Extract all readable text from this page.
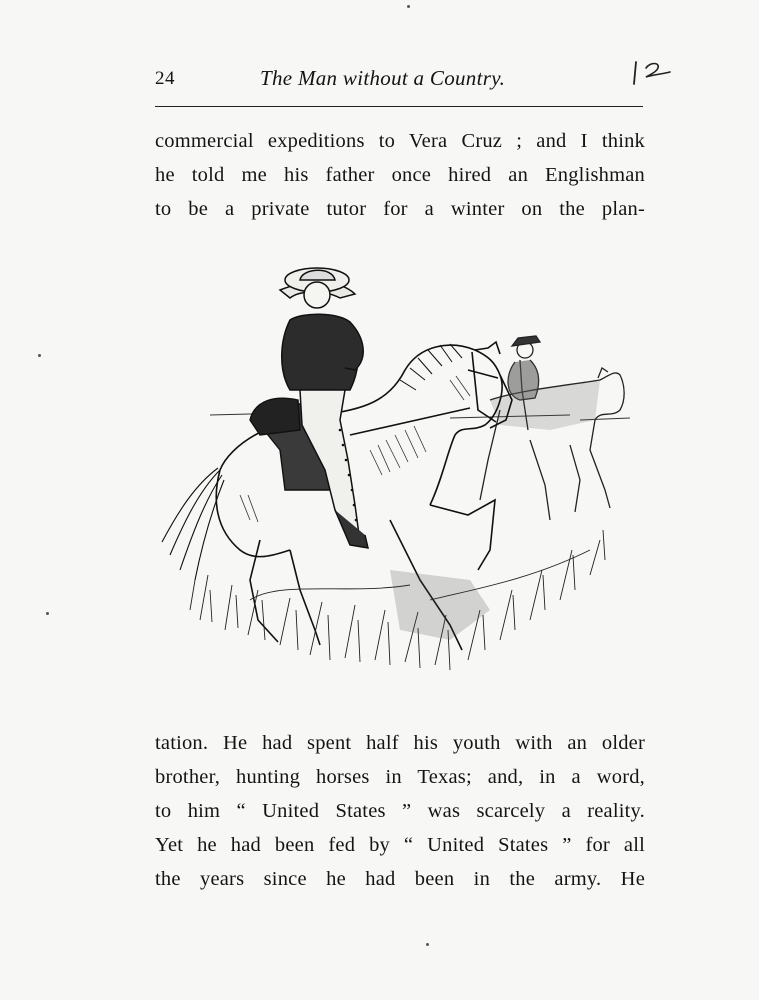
24	The Man without a Country.
commercial expeditions to Vera Cruz ; and I think
he told me his father once hired an Englishman
to be a private tutor for a winter on the plan-
tation. He had spent half his youth with an older
brother, hunting horses in Texas; and, in a word,
to him “ United States ” was scarcely a reality.
Yet he had been fed by “ United States ” for all
the years since he had been in the army. He
